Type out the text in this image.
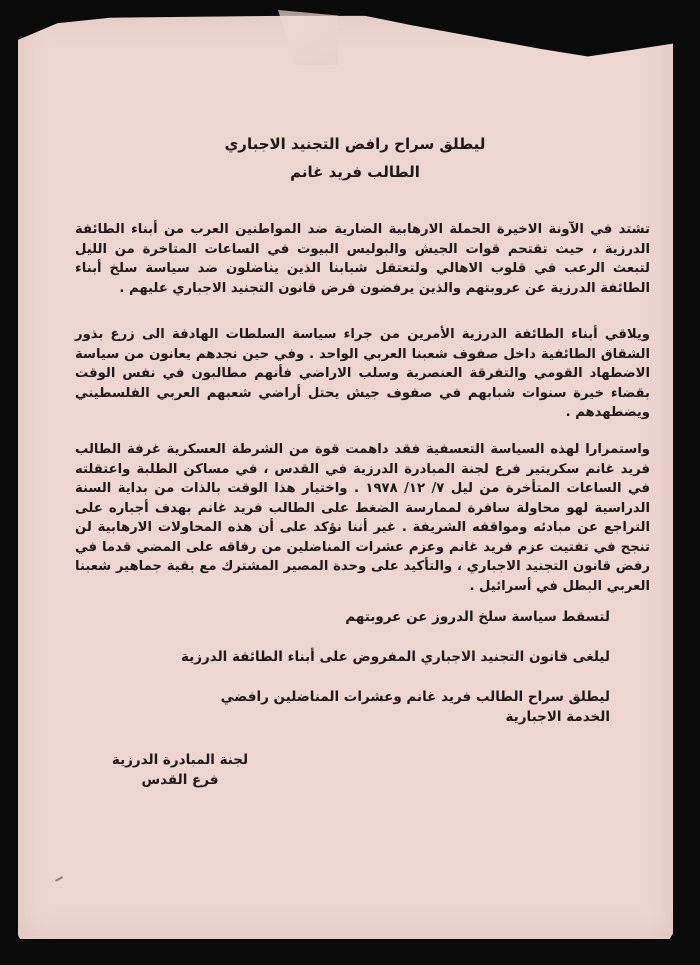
ليطلق سراح رافض التجنيد الاجباري
الطالب فريد غانم

تشتد في الآونة الاخيرة الحملة الارهابية الضارية ضد المواطنين العرب من أبناء الطائفة الدرزية ، حيث تقتحم قوات الجيش والبوليس البيوت في الساعات المتاخرة من الليل لتبعث الرعب في قلوب الاهالي ولتعتقل شبابنا الذين يناضلون ضد سياسة سلخ أبناء الطائفة الدرزية عن عروبتهم والذين يرفضون فرض قانون التجنيد الاجباري عليهم .

ويلاقي أبناء الطائفة الدرزية الأمرين من جراء سياسة السلطات الهادفة الى زرع بذور الشقاق الطائفية داخل صفوف شعبنا العربي الواحد . وفي حين نجدهم يعانون من سياسة الاضطهاد القومي والتفرقة العنصرية وسلب الاراضي فأنهم مطالبون في نفس الوقت بقضاء خيرة سنوات شبابهم في صفوف جيش يحتل أراضي شعبهم العربي الفلسطيني ويضطهدهم .

واستمرارا لهذه السياسة التعسفية فقد داهمت قوة من الشرطة العسكرية غرفة الطالب فريد غانم سكريتير فرع لجنة المبادرة الدرزية في القدس ، في مساكن الطلبة واعتقلته في الساعات المتأخرة من ليل ٧/ ١٢/ ١٩٧٨ . واختيار هذا الوقت بالذات من بداية السنة الدراسية لهو محاولة سافرة لممارسة الضغط على الطالب فريد غانم بهدف أجباره على التراجع عن مبادئه ومواقفه الشريفة . غير أننا نؤكد على أن هذه المحاولات الارهابية لن تنجح في تفتيت عزم فريد غانم وعزم عشرات المناضلين من رفاقه على المضي قدما في رفض قانون التجنيد الاجباري ، والتأكيد على وحدة المصير المشترك مع بقية جماهير شعبنا العربي البطل في أسرائيل .

لتسقط سياسة سلخ الدروز عن عروبتهم
ليلغى قانون التجنيد الاجباري المفروض على أبناء الطائفة الدرزية
ليطلق سراح الطالب فريد غانم وعشرات المناضلين رافضي الخدمة الاجبارية
لجنة المبادرة الدرزية
فرع القدس
